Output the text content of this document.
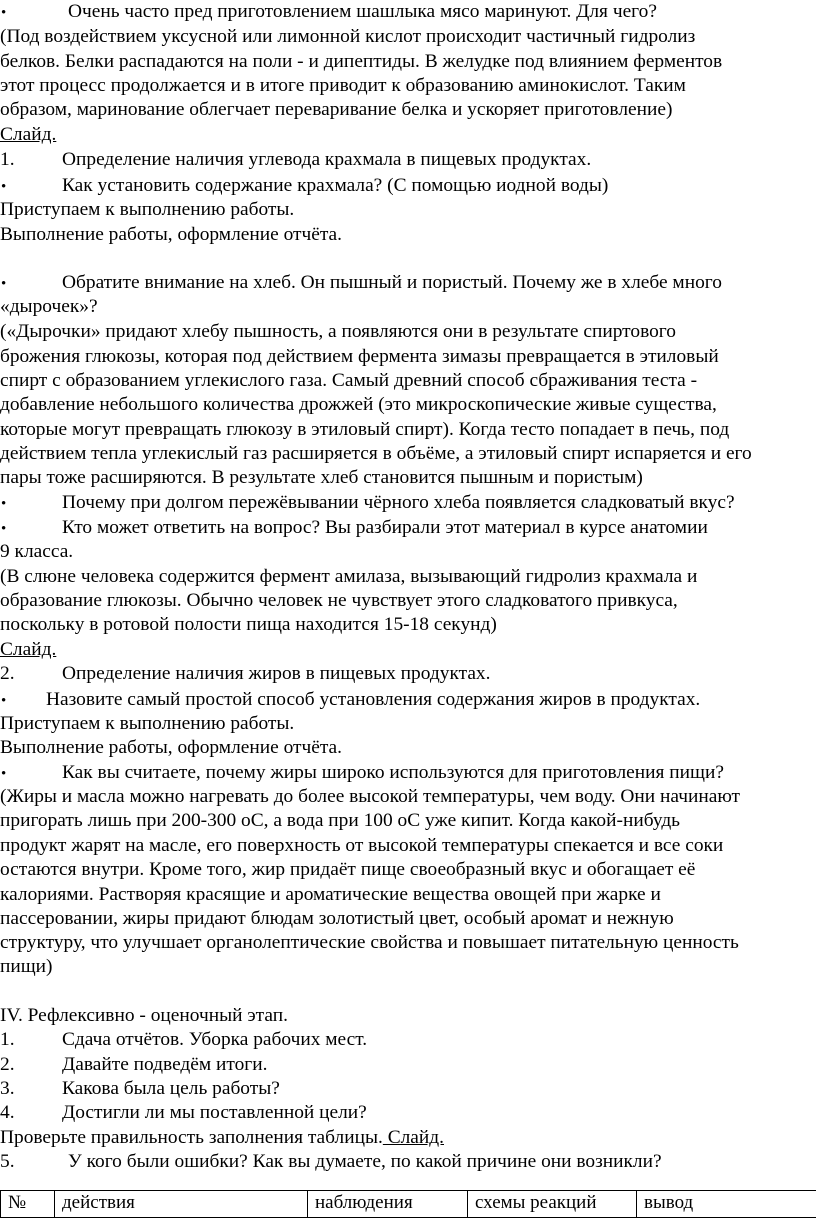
•	Очень часто пред приготовлением шашлыка мясо маринуют. Для чего?
(Под воздействием уксусной или лимонной кислот происходит частичный гидролиз
белков. Белки распадаются на поли - и дипептиды. В желудке под влиянием ферментов
этот процесс продолжается и в итоге приводит к образованию аминокислот. Таким
образом, маринование облегчает переваривание белка и ускоряет приготовление)
Слайд.
1. Определение наличия углевода крахмала в пищевых продуктах.
•	Как установить содержание крахмала? (С помощью иодной воды)
Приступаем к выполнению работы.
Выполнение работы, оформление отчёта.
•	Обратите внимание на хлеб. Он пышный и пористый. Почему же в хлебе много
«дырочек»?
(«Дырочки» придают хлебу пышность, а появляются они в результате спиртового
брожения глюкозы, которая под действием фермента зимазы превращается в этиловый
спирт с образованием углекислого газа. Самый древний способ сбраживания теста -
добавление небольшого количества дрожжей (это микроскопические живые существа,
которые могут превращать глюкозу в этиловый спирт). Когда тесто попадает в печь, под
действием тепла углекислый газ расширяется в объёме, а этиловый спирт испаряется и его
пары тоже расширяются. В результате хлеб становится пышным и пористым)
•	Почему при долгом пережёвывании чёрного хлеба появляется сладковатый вкус?
•	Кто может ответить на вопрос? Вы разбирали этот материал в курсе анатомии
9 класса.
(В слюне человека содержится фермент амилаза, вызывающий гидролиз крахмала и
образование глюкозы. Обычно человек не чувствует этого сладковатого привкуса,
поскольку в ротовой полости пища находится 15-18 секунд)
Слайд.
2. Определение наличия жиров в пищевых продуктах.
• Назовите самый простой способ установления содержания жиров в продуктах.
Приступаем к выполнению работы.
Выполнение работы, оформление отчёта.
•	Как вы считаете, почему жиры широко используются для приготовления пищи?
(Жиры и масла можно нагревать до более высокой температуры, чем воду. Они начинают
пригорать лишь при 200-300 оС, а вода при 100 оС уже кипит. Когда какой-нибудь
продукт жарят на масле, его поверхность от высокой температуры спекается и все соки
остаются внутри. Кроме того, жир придаёт пище своеобразный вкус и обогащает её
калориями. Растворяя красящие и ароматические вещества овощей при жарке и
пассеровании, жиры придают блюдам золотистый цвет, особый аромат и нежную
структуру, что улучшает органолептические свойства и повышает питательную ценность
пищи)
IV. Рефлексивно - оценочный этап.
1. Сдача отчётов. Уборка рабочих мест.
2. Давайте подведём итоги.
3. Какова была цель работы?
4. Достигли ли мы поставленной цели?
Проверьте правильность заполнения таблицы. Слайд.
5.	У кого были ошибки? Как вы думаете, по какой причине они возникли?
№	действия	наблюдения	схемы реакций	вывод
